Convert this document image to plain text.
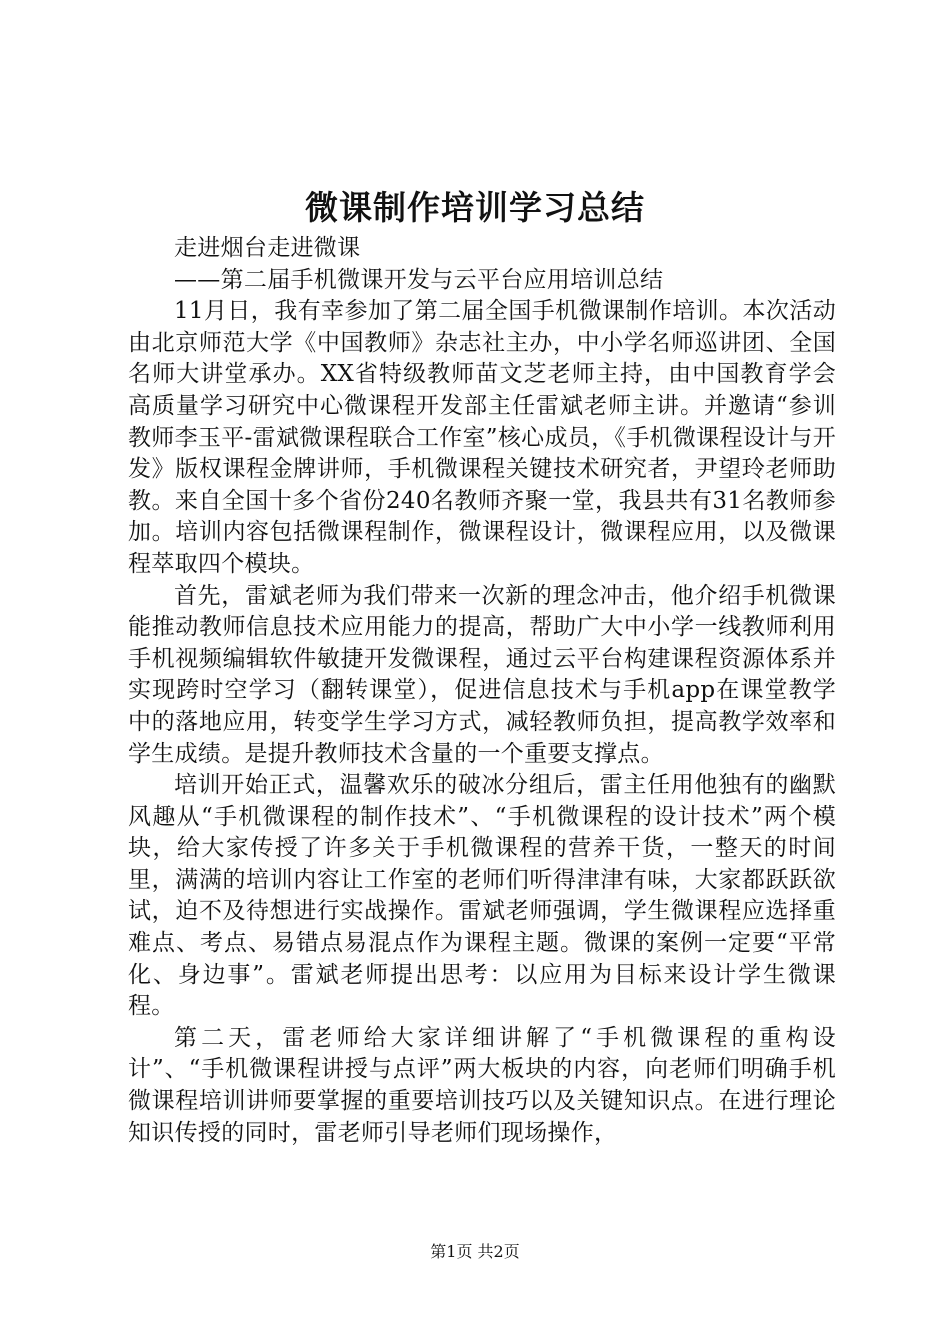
微课制作培训学习总结

走进烟台走进微课

——第二届手机微课开发与云平台应用培训总结

11月日，我有幸参加了第二届全国手机微课制作培训。本次活动由北京师范大学《中国教师》杂志社主办，中小学名师巡讲团、全国名师大讲堂承办。XX省特级教师苗文芝老师主持，由中国教育学会高质量学习研究中心微课程开发部主任雷斌老师主讲。并邀请“参训教师李玉平-雷斌微课程联合工作室”核心成员，《手机微课程设计与开发》版权课程金牌讲师，手机微课程关键技术研究者，尹望玲老师助教。来自全国十多个省份240名教师齐聚一堂，我县共有31名教师参加。培训内容包括微课程制作，微课程设计，微课程应用，以及微课程萃取四个模块。

首先，雷斌老师为我们带来一次新的理念冲击，他介绍手机微课能推动教师信息技术应用能力的提高，帮助广大中小学一线教师利用手机视频编辑软件敏捷开发微课程，通过云平台构建课程资源体系并实现跨时空学习（翻转课堂），促进信息技术与手机app在课堂教学中的落地应用，转变学生学习方式，减轻教师负担，提高教学效率和学生成绩。是提升教师技术含量的一个重要支撑点。

培训开始正式，温馨欢乐的破冰分组后，雷主任用他独有的幽默风趣从“手机微课程的制作技术”、“手机微课程的设计技术”两个模块，给大家传授了许多关于手机微课程的营养干货，一整天的时间里，满满的培训内容让工作室的老师们听得津津有味，大家都跃跃欲试，迫不及待想进行实战操作。雷斌老师强调，学生微课程应选择重难点、考点、易错点易混点作为课程主题。微课的案例一定要“平常化、身边事”。雷斌老师提出思考：以应用为目标来设计学生微课程。

第二天，雷老师给大家详细讲解了“手机微课程的重构设计”、“手机微课程讲授与点评”两大板块的内容，向老师们明确手机微课程培训讲师要掌握的重要培训技巧以及关键知识点。在进行理论知识传授的同时，雷老师引导老师们现场操作，

第1页 共2页
